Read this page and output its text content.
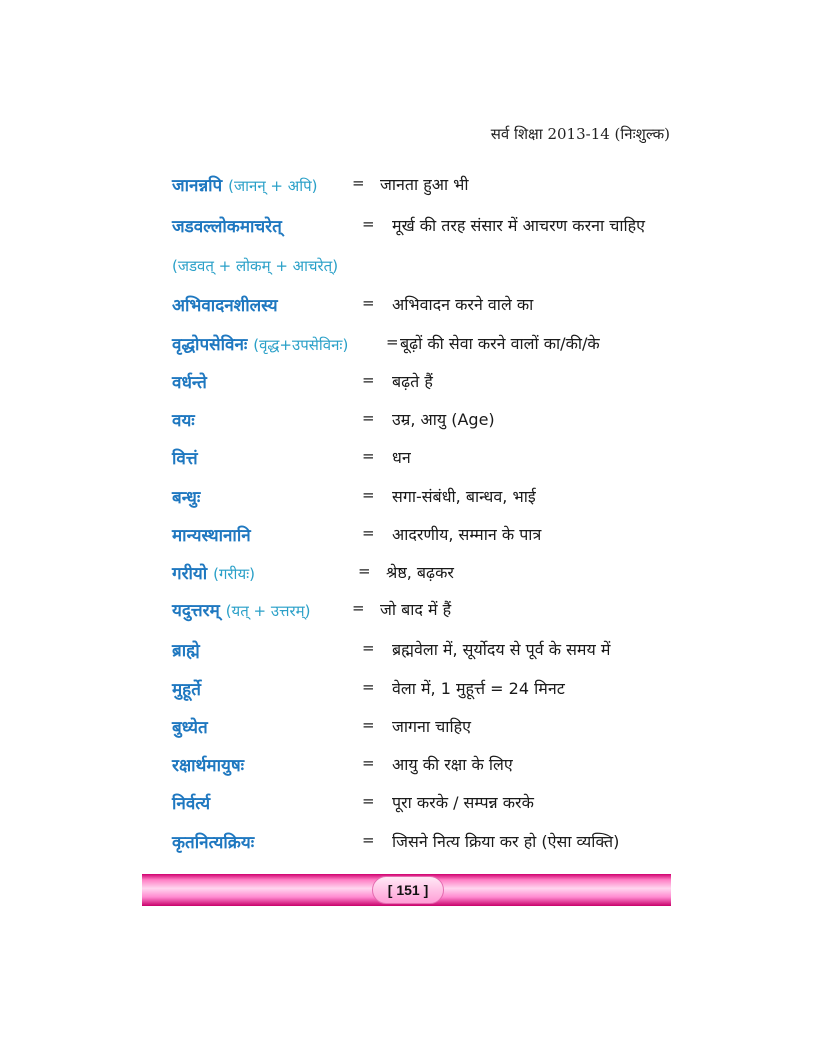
सर्व शिक्षा 2013-14 (निःशुल्क)
जानन्नपि (जानन् + अपि) = जानता हुआ भी
जडवल्लोकमाचरेत्	= मूर्ख की तरह संसार में आचरण करना चाहिए
(जडवत् + लोकम् + आचरेत्)
अभिवादनशीलस्य	= अभिवादन करने वाले का
वृद्धोपसेविनः (वृद्ध+उपसेविनः)	= बूढ़ों की सेवा करने वालों का/की/के
वर्धन्ते	= बढ़ते हैं
वयः	= उम्र, आयु (Age)
वित्तं	= धन
बन्धुः	= सगा-संबंधी, बान्धव, भाई
मान्यस्थानानि	= आदरणीय, सम्मान के पात्र
गरीयो (गरीयः)	= श्रेष्ठ, बढ़कर
यदुत्तरम् (यत् + उत्तरम्)	= जो बाद में हैं
ब्राह्मे	= ब्रह्मवेला में, सूर्योदय से पूर्व के समय में
मुहूर्ते	= वेला में, 1 मुहूर्त्त = 24 मिनट
बुध्येत	= जागना चाहिए
रक्षार्थमायुषः	= आयु की रक्षा के लिए
निर्वर्त्य	= पूरा करके / सम्पन्न करके
कृतनित्यक्रियः	= जिसने नित्य क्रिया कर हो (ऐसा व्यक्ति)
[ 151 ]
